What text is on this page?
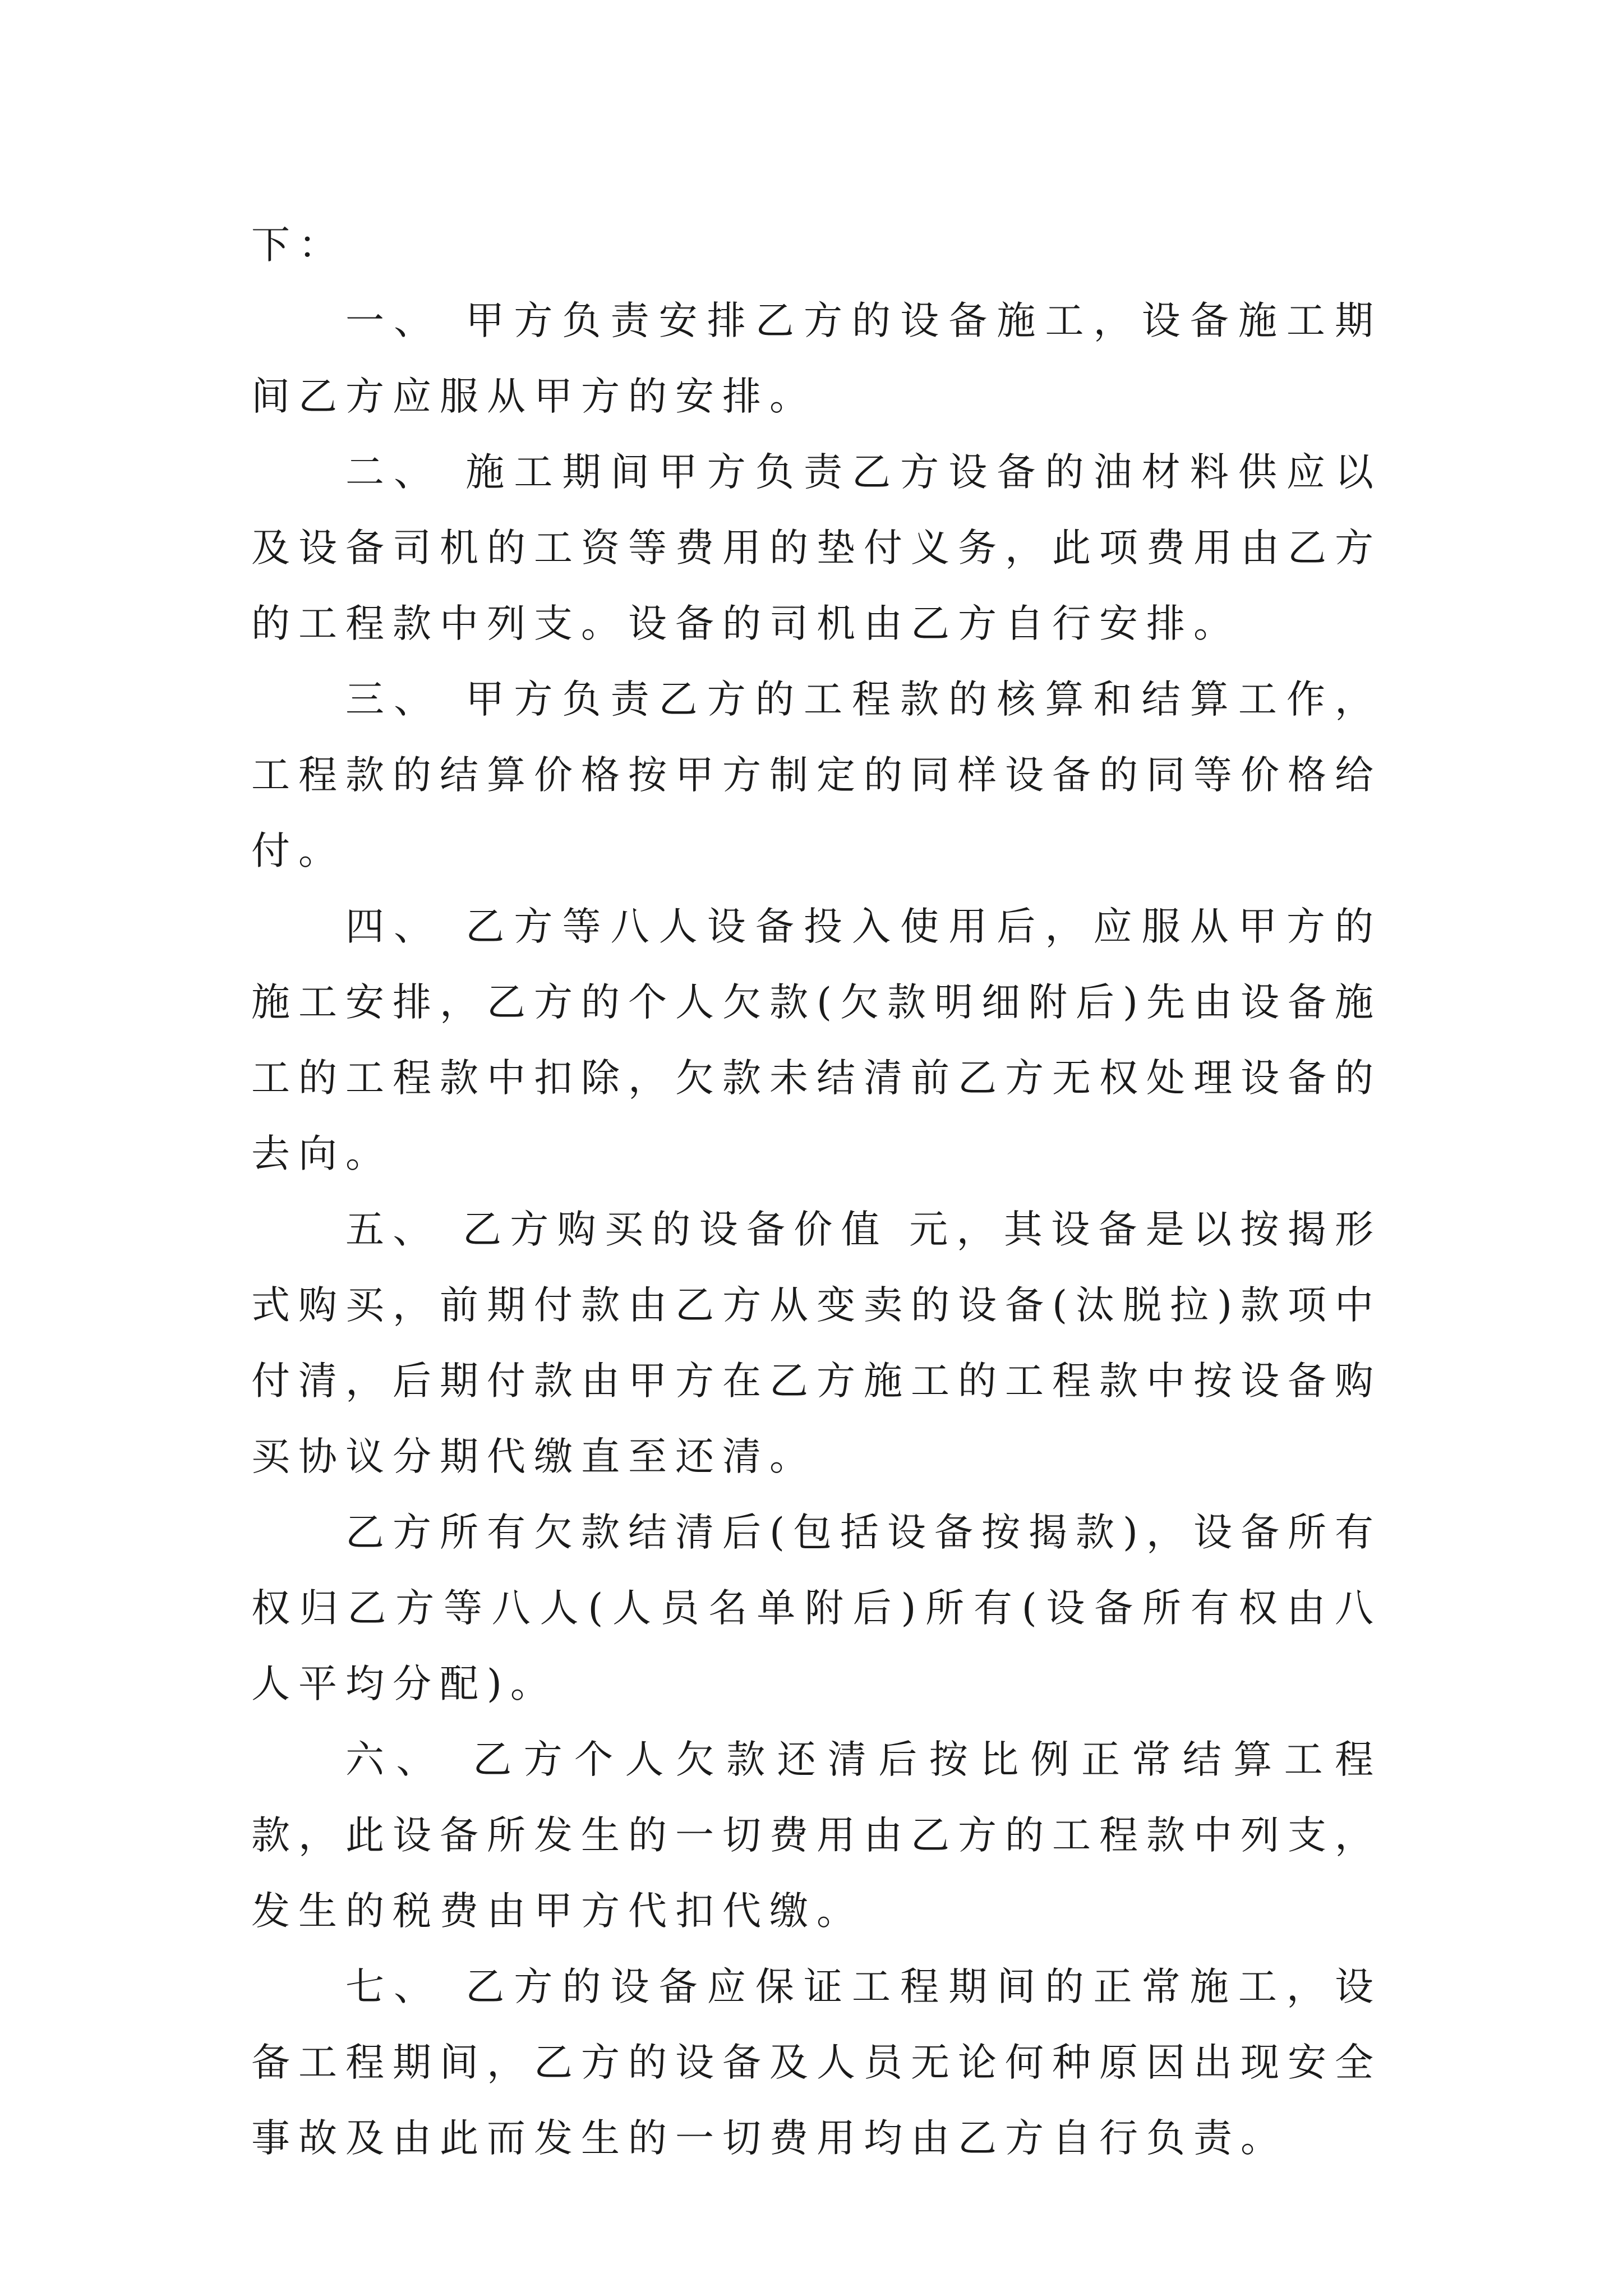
下：

一、 甲方负责安排乙方的设备施工，设备施工期间乙方应服从甲方的安排。

二、 施工期间甲方负责乙方设备的油材料供应以及设备司机的工资等费用的垫付义务，此项费用由乙方的工程款中列支。设备的司机由乙方自行安排。

三、 甲方负责乙方的工程款的核算和结算工作，工程款的结算价格按甲方制定的同样设备的同等价格给付。

四、 乙方等八人设备投入使用后，应服从甲方的施工安排，乙方的个人欠款(欠款明细附后)先由设备施工的工程款中扣除，欠款未结清前乙方无权处理设备的去向。

五、 乙方购买的设备价值 元，其设备是以按揭形式购买，前期付款由乙方从变卖的设备(汰脱拉)款项中付清，后期付款由甲方在乙方施工的工程款中按设备购买协议分期代缴直至还清。

乙方所有欠款结清后(包括设备按揭款)，设备所有权归乙方等八人(人员名单附后)所有(设备所有权由八人平均分配)。

六、 乙方个人欠款还清后按比例正常结算工程款，此设备所发生的一切费用由乙方的工程款中列支，发生的税费由甲方代扣代缴。

七、 乙方的设备应保证工程期间的正常施工，设备工程期间，乙方的设备及人员无论何种原因出现安全事故及由此而发生的一切费用均由乙方自行负责。
